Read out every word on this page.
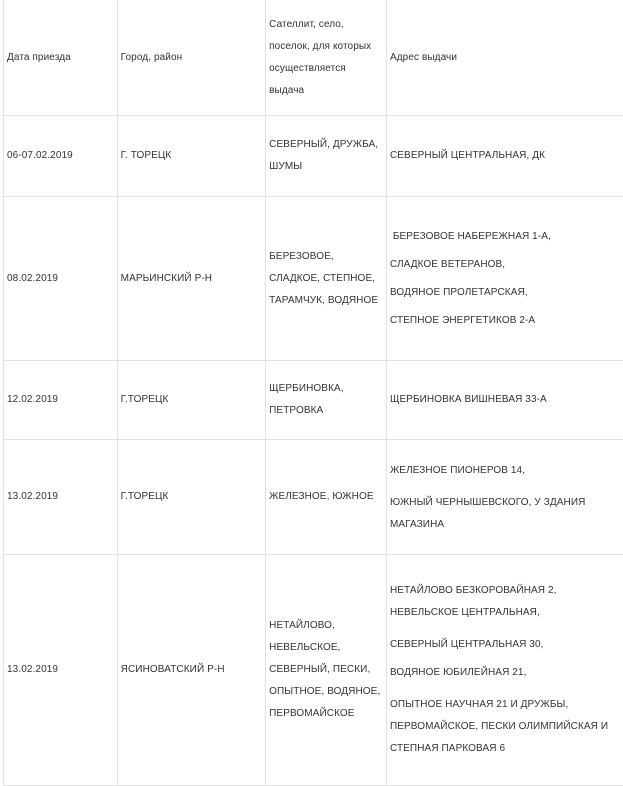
Дата приезда	Город, район	Сателлит, село,
поселок, для которых
осуществляется
выдача	Адрес выдачи
06-07.02.2019	Г. ТОРЕЦК	СЕВЕРНЫЙ, ДРУЖБА,
ШУМЫ	СЕВЕРНЫЙ ЦЕНТРАЛЬНАЯ, ДК

08.02.2019	МАРЬИНСКИЙ Р-Н	БЕРЕЗОВОЕ,
СЛАДКОЕ, СТЕПНОЕ,
ТАРАМЧУК, ВОДЯНОЕ	БЕРЕЗОВОЕ НАБЕРЕЖНАЯ 1-А,
СЛАДКОЕ ВЕТЕРАНОВ,
ВОДЯНОЕ ПРОЛЕТАРСКАЯ,
СТЕПНОЕ ЭНЕРГЕТИКОВ 2-А

12.02.2019	Г.ТОРЕЦК	ЩЕРБИНОВКА,
ПЕТРОВКА	ЩЕРБИНОВКА ВИШНЕВАЯ 33-А

13.02.2019	Г.ТОРЕЦК	ЖЕЛЕЗНОЕ, ЮЖНОЕ	ЖЕЛЕЗНОЕ ПИОНЕРОВ 14,
ЮЖНЫЙ ЧЕРНЫШЕВСКОГО, У ЗДАНИЯ МАГАЗИНА

13.02.2019	ЯСИНОВАТСКИЙ Р-Н	НЕТАЙЛОВО,
НЕВЕЛЬСКОЕ,
СЕВЕРНЫЙ, ПЕСКИ,
ОПЫТНОЕ, ВОДЯНОЕ,
ПЕРВОМАЙСКОЕ	НЕТАЙЛОВО БЕЗКОРОВАЙНАЯ 2, НЕВЕЛЬСКОЕ ЦЕНТРАЛЬНАЯ,
СЕВЕРНЫЙ ЦЕНТРАЛЬНАЯ 30,
ВОДЯНОЕ ЮБИЛЕЙНАЯ 21,
ОПЫТНОЕ НАУЧНАЯ 21 И ДРУЖБЫ, ПЕРВОМАЙСКОЕ, ПЕСКИ ОЛИМПИЙСКАЯ И СТЕПНАЯ ПАРКОВАЯ 6
